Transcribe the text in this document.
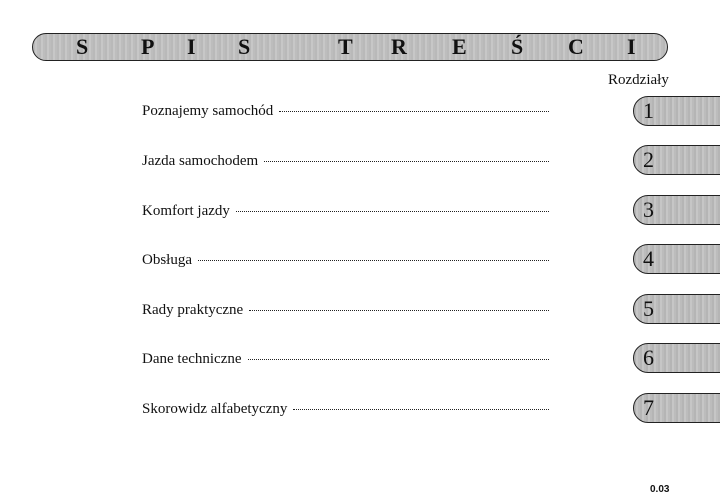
S P I S	T R E Ś C I
Rozdziały
Poznajemy samochód
Jazda samochodem
Komfort jazdy
Obsługa
Rady praktyczne
Dane techniczne
Skorowidz alfabetyczny
1
2
3
4
5
6
7
0.03
